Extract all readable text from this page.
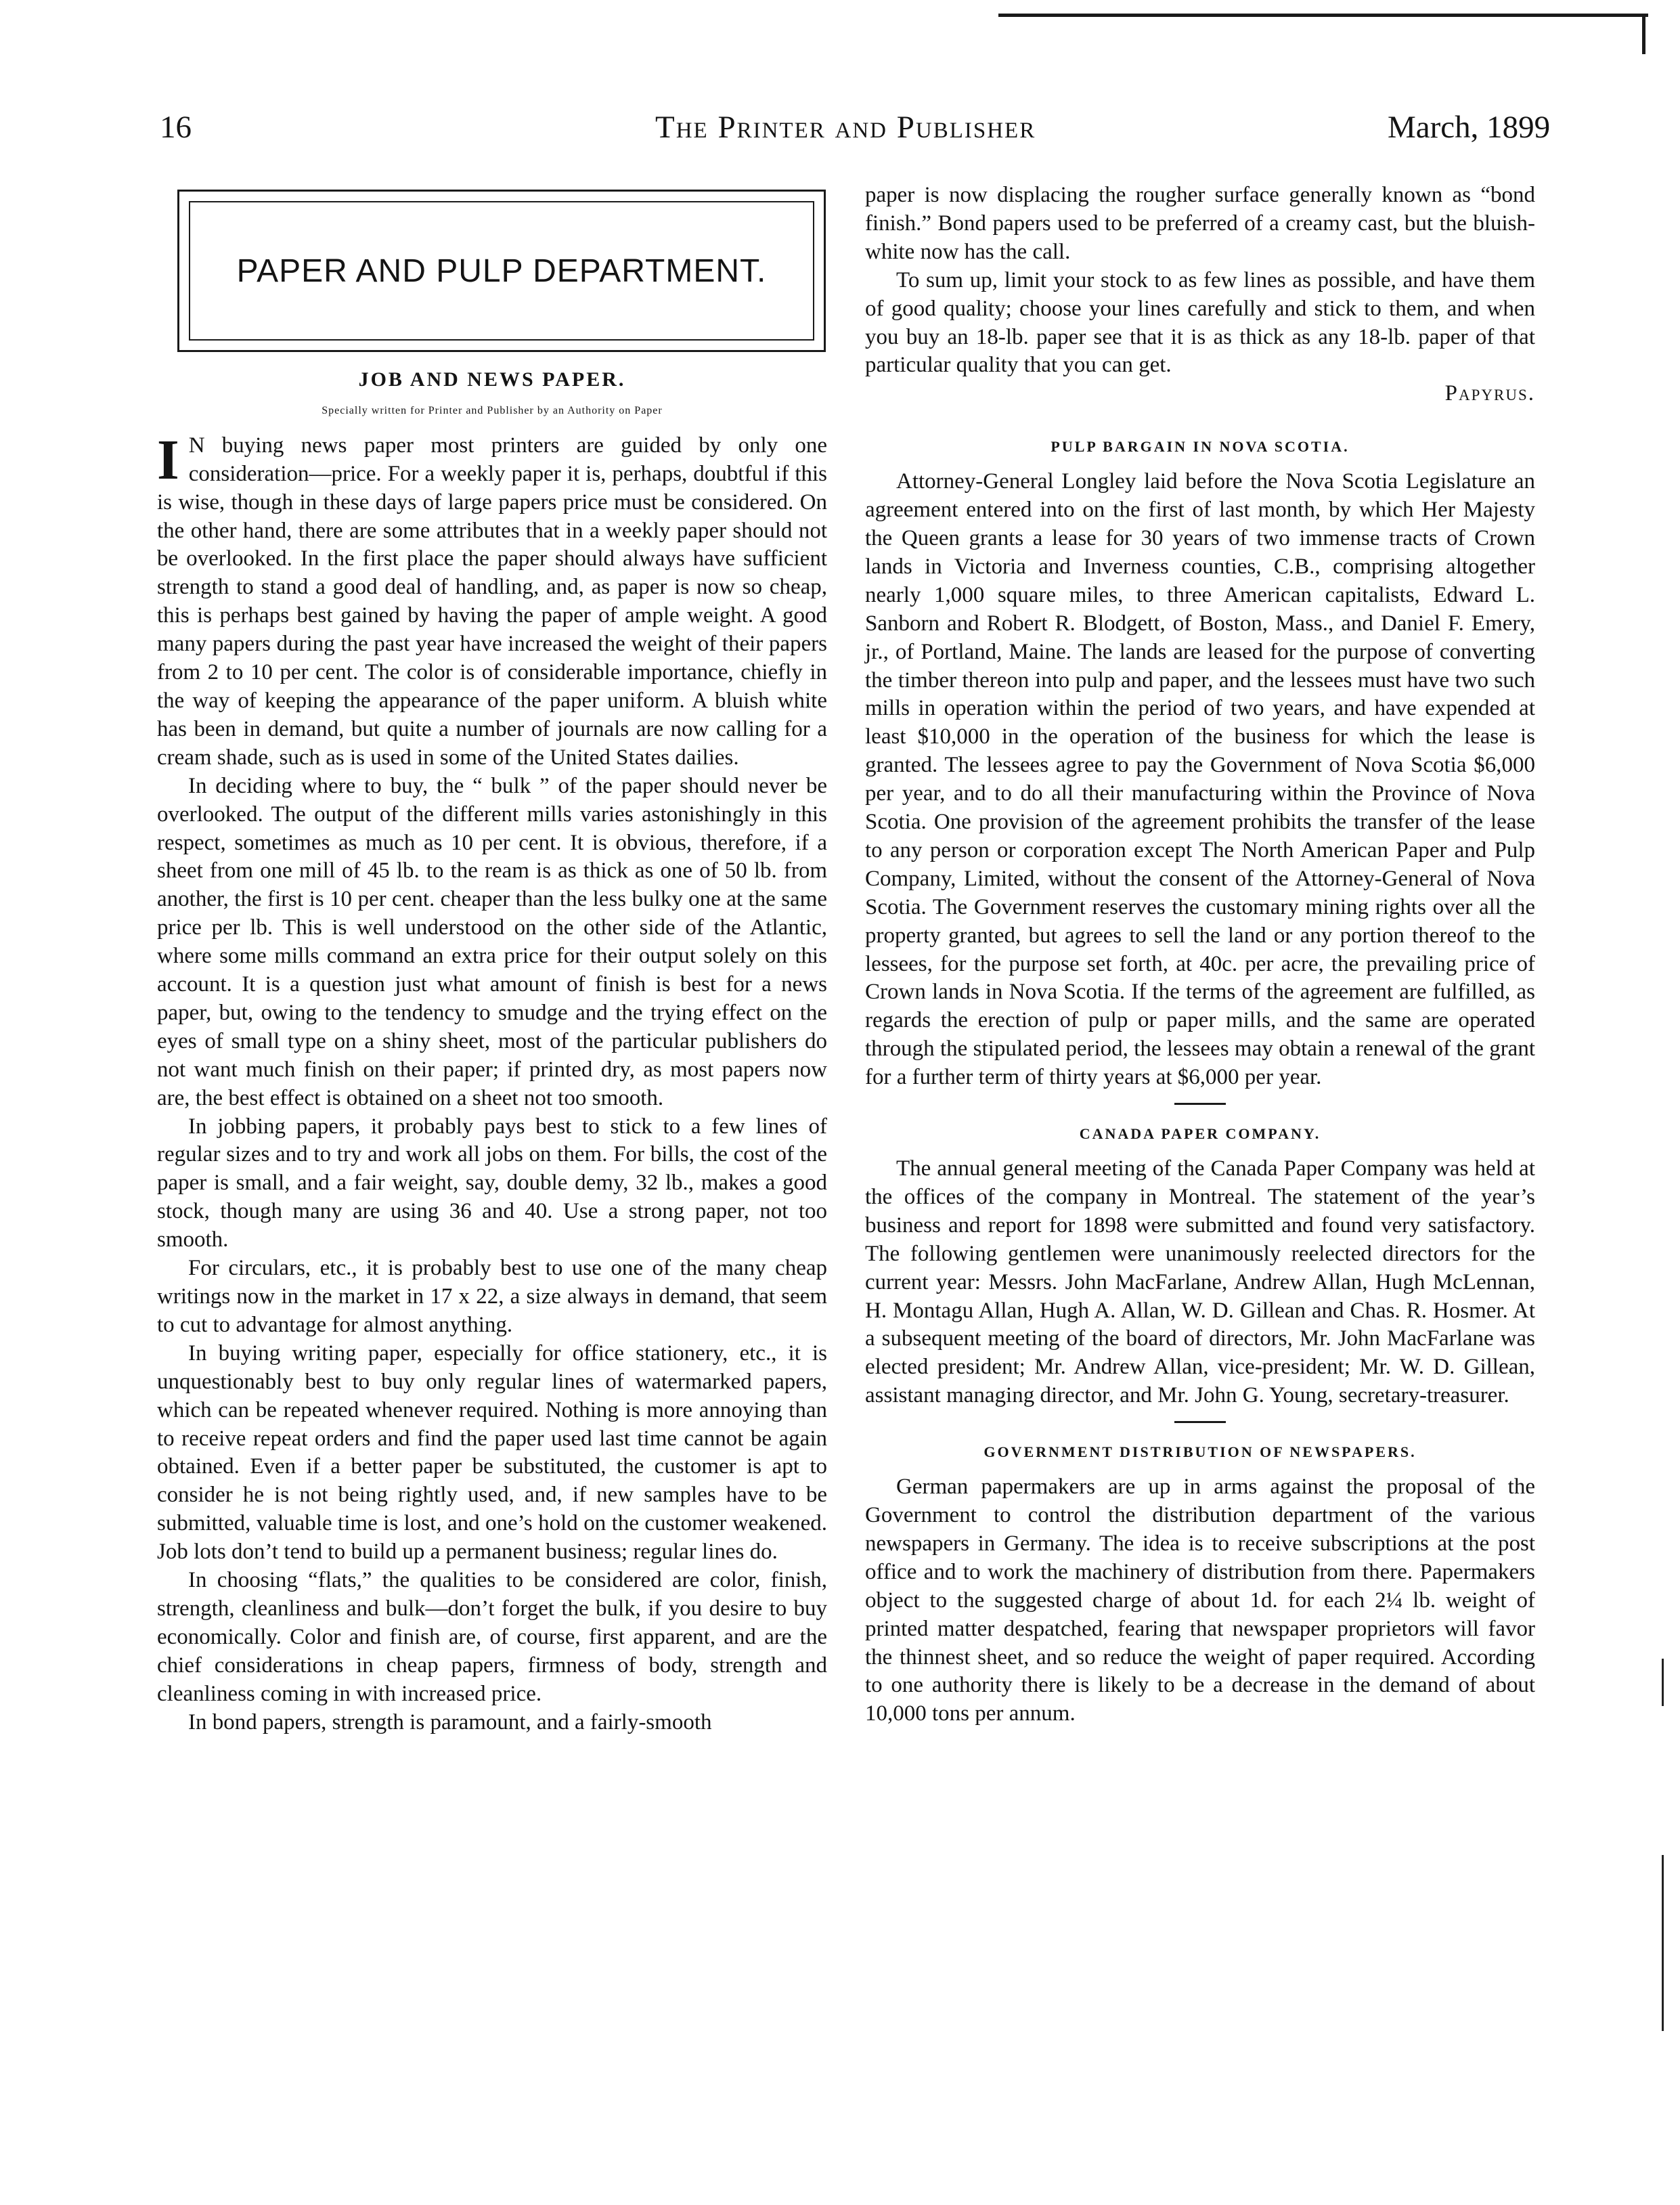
16	The Printer and Publisher	March, 1899
PAPER AND PULP DEPARTMENT.
JOB AND NEWS PAPER.
Specially written for Printer and Publisher by an Authority on Paper

I N buying news paper most printers are guided by only one consideration—price. For a weekly paper it is, perhaps, doubtful if this is wise, though in these days of large papers price must be considered. On the other hand, there are some attributes that in a weekly paper should not be overlooked. In the first place the paper should always have sufficient strength to stand a good deal of handling, and, as paper is now so cheap, this is perhaps best gained by having the paper of ample weight. A good many papers during the past year have increased the weight of their papers from 2 to 10 per cent. The color is of considerable importance, chiefly in the way of keeping the appearance of the paper uniform. A bluish white has been in demand, but quite a number of journals are now calling for a cream shade, such as is used in some of the United States dailies.

In deciding where to buy, the “ bulk ” of the paper should never be overlooked. The output of the different mills varies astonishingly in this respect, sometimes as much as 10 per cent. It is obvious, therefore, if a sheet from one mill of 45 lb. to the ream is as thick as one of 50 lb. from another, the first is 10 per cent. cheaper than the less bulky one at the same price per lb. This is well understood on the other side of the Atlantic, where some mills command an extra price for their output solely on this account. It is a question just what amount of finish is best for a news paper, but, owing to the tendency to smudge and the trying effect on the eyes of small type on a shiny sheet, most of the particular publishers do not want much finish on their paper; if printed dry, as most papers now are, the best effect is obtained on a sheet not too smooth.

In jobbing papers, it probably pays best to stick to a few lines of regular sizes and to try and work all jobs on them. For bills, the cost of the paper is small, and a fair weight, say, double demy, 32 lb., makes a good stock, though many are using 36 and 40. Use a strong paper, not too smooth.

For circulars, etc., it is probably best to use one of the many cheap writings now in the market in 17 x 22, a size always in demand, that seem to cut to advantage for almost anything.

In buying writing paper, especially for office stationery, etc., it is unquestionably best to buy only regular lines of watermarked papers, which can be repeated whenever required. Nothing is more annoying than to receive repeat orders and find the paper used last time cannot be again obtained. Even if a better paper be substituted, the customer is apt to consider he is not being rightly used, and, if new samples have to be submitted, valuable time is lost, and one’s hold on the customer weakened. Job lots don’t tend to build up a permanent business; regular lines do.

In choosing “flats,” the qualities to be considered are color, finish, strength, cleanliness and bulk—don’t forget the bulk, if you desire to buy economically. Color and finish are, of course, first apparent, and are the chief considerations in cheap papers, firmness of body, strength and cleanliness coming in with increased price.

In bond papers, strength is paramount, and a fairly-smooth

paper is now displacing the rougher surface generally known as “bond finish.” Bond papers used to be preferred of a creamy cast, but the bluish-white now has the call.

To sum up, limit your stock to as few lines as possible, and have them of good quality; choose your lines carefully and stick to them, and when you buy an 18-lb. paper see that it is as thick as any 18-lb. paper of that particular quality that you can get.

Papyrus.
PULP BARGAIN IN NOVA SCOTIA.

Attorney-General Longley laid before the Nova Scotia Legislature an agreement entered into on the first of last month, by which Her Majesty the Queen grants a lease for 30 years of two immense tracts of Crown lands in Victoria and Inverness counties, C.B., comprising altogether nearly 1,000 square miles, to three American capitalists, Edward L. Sanborn and Robert R. Blodgett, of Boston, Mass., and Daniel F. Emery, jr., of Portland, Maine. The lands are leased for the purpose of converting the timber thereon into pulp and paper, and the lessees must have two such mills in operation within the period of two years, and have expended at least $10,000 in the operation of the business for which the lease is granted. The lessees agree to pay the Government of Nova Scotia $6,000 per year, and to do all their manufacturing within the Province of Nova Scotia. One provision of the agreement prohibits the transfer of the lease to any person or corporation except The North American Paper and Pulp Company, Limited, without the consent of the Attorney-General of Nova Scotia. The Government reserves the customary mining rights over all the property granted, but agrees to sell the land or any portion thereof to the lessees, for the purpose set forth, at 40c. per acre, the prevailing price of Crown lands in Nova Scotia. If the terms of the agreement are fulfilled, as regards the erection of pulp or paper mills, and the same are operated through the stipulated period, the lessees may obtain a renewal of the grant for a further term of thirty years at $6,000 per year.

CANADA PAPER COMPANY.

The annual general meeting of the Canada Paper Company was held at the offices of the company in Montreal. The statement of the year’s business and report for 1898 were submitted and found very satisfactory. The following gentlemen were unanimously reelected directors for the current year: Messrs. John MacFarlane, Andrew Allan, Hugh McLennan, H. Montagu Allan, Hugh A. Allan, W. D. Gillean and Chas. R. Hosmer. At a subsequent meeting of the board of directors, Mr. John MacFarlane was elected president; Mr. Andrew Allan, vice-president; Mr. W. D. Gillean, assistant managing director, and Mr. John G. Young, secretary-treasurer.

GOVERNMENT DISTRIBUTION OF NEWSPAPERS.

German papermakers are up in arms against the proposal of the Government to control the distribution department of the various newspapers in Germany. The idea is to receive subscriptions at the post office and to work the machinery of distribution from there. Papermakers object to the suggested charge of about 1d. for each 2¼ lb. weight of printed matter despatched, fearing that newspaper proprietors will favor the thinnest sheet, and so reduce the weight of paper required. According to one authority there is likely to be a decrease in the demand of about 10,000 tons per annum.
